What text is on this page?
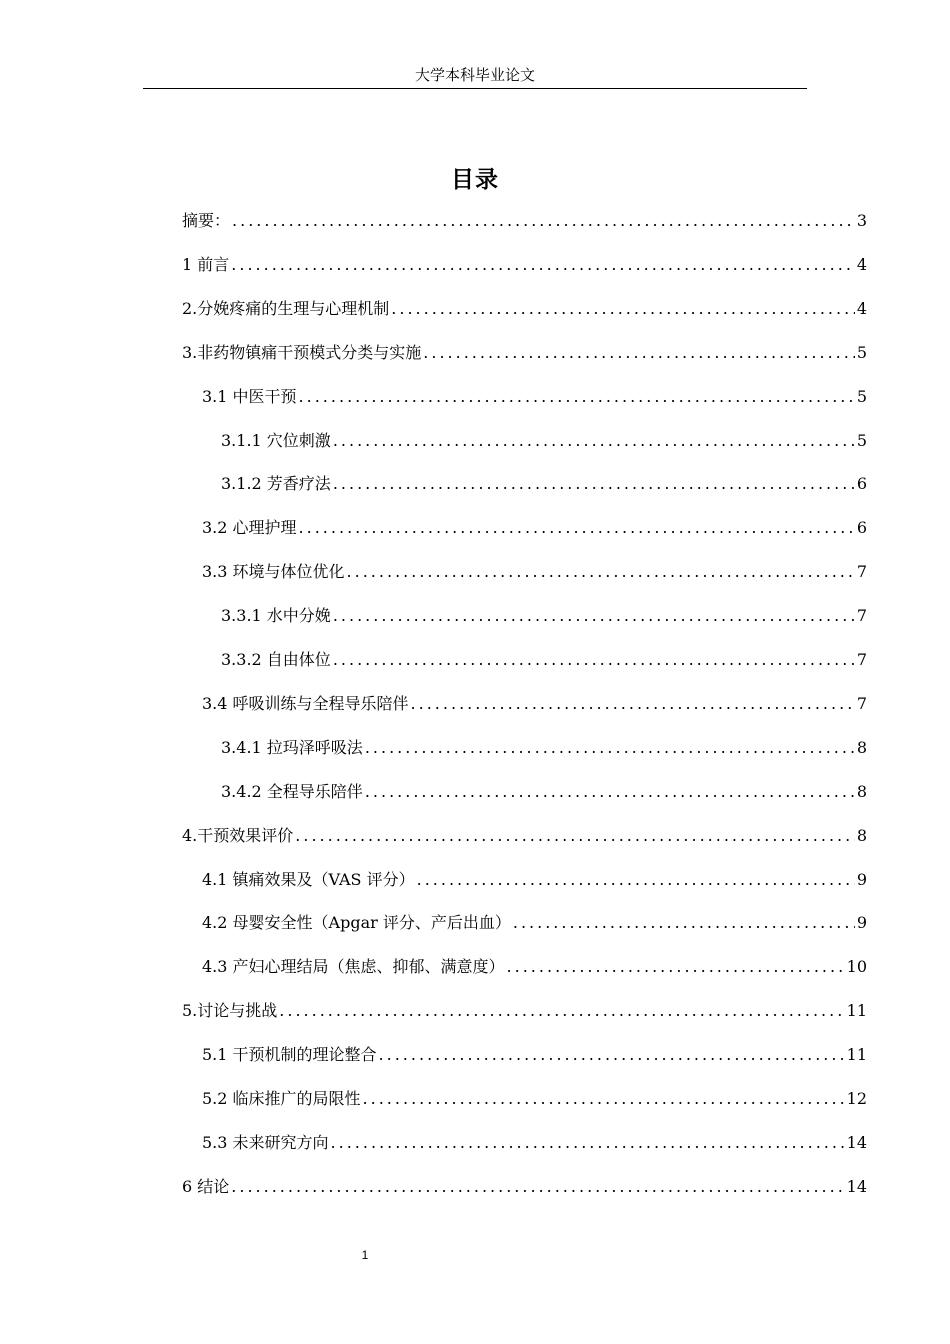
大学本科毕业论文
目录
摘要： .....	3
1 前言 .....	4
2.分娩疼痛的生理与心理机制 .....	4
3.非药物镇痛干预模式分类与实施 .....	5
3.1 中医干预 .....	5
3.1.1 穴位刺激 .....	5
3.1.2 芳香疗法 .....	6
3.2 心理护理 .....	6
3.3 环境与体位优化 .....	7
3.3.1 水中分娩 .....	7
3.3.2 自由体位 .....	7
3.4 呼吸训练与全程导乐陪伴 .....	7
3.4.1 拉玛泽呼吸法 .....	8
3.4.2 全程导乐陪伴 .....	8
4.干预效果评价 .....	8
4.1 镇痛效果及（VAS 评分） .....	9
4.2 母婴安全性（Apgar 评分、产后出血） .....	9
4.3 产妇心理结局（焦虑、抑郁、满意度） .....	10
5.讨论与挑战 .....	11
5.1 干预机制的理论整合 .....	11
5.2 临床推广的局限性 .....	12
5.3 未来研究方向 .....	14
6 结论 .....	14
1
